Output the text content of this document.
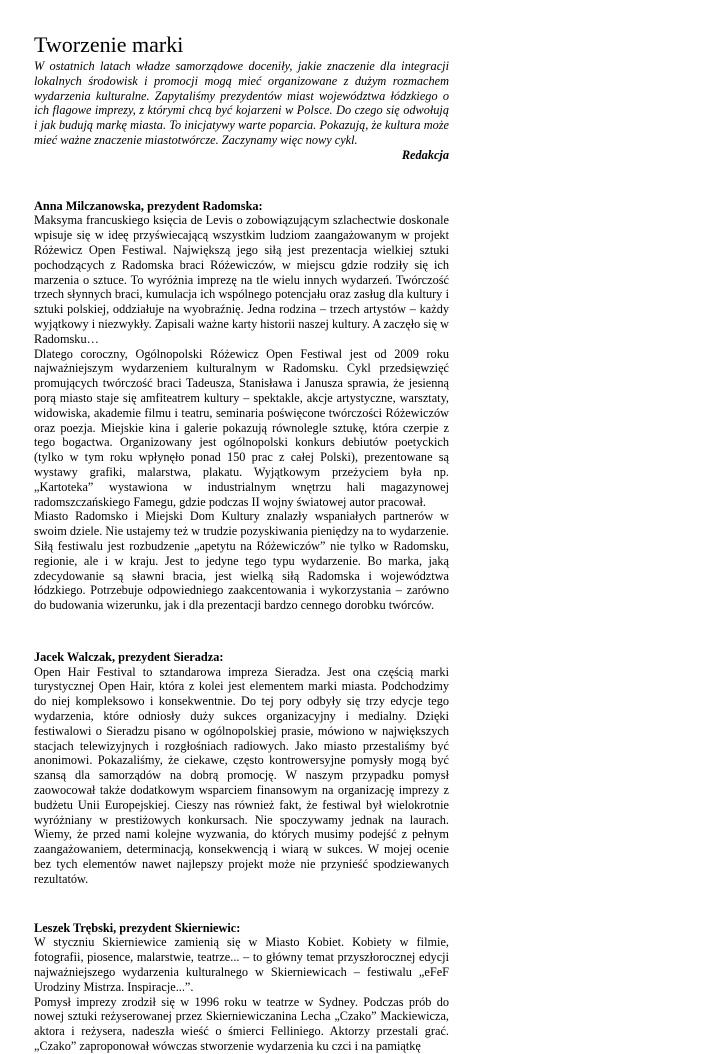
Tworzenie marki

W ostatnich latach władze samorządowe doceniły, jakie znaczenie dla integracji lokalnych środowisk i promocji mogą mieć organizowane z dużym rozmachem wydarzenia kulturalne. Zapytaliśmy prezydentów miast województwa łódzkiego o ich flagowe imprezy, z którymi chcą być kojarzeni w Polsce. Do czego się odwołują i jak budują markę miasta. To inicjatywy warte poparcia. Pokazują, że kultura może mieć ważne znaczenie miastotwórcze. Zaczynamy więc nowy cykl.

Redakcja

Anna Milczanowska, prezydent Radomska:

Maksyma francuskiego księcia de Levis o zobowiązującym szlachectwie doskonale wpisuje się w ideę przyświecającą wszystkim ludziom zaangażowanym w projekt Różewicz Open Festiwal. Największą jego siłą jest prezentacja wielkiej sztuki pochodzących z Radomska braci Różewiczów, w miejscu gdzie rodziły się ich marzenia o sztuce. To wyróżnia imprezę na tle wielu innych wydarzeń. Twórczość trzech słynnych braci, kumulacja ich wspólnego potencjału oraz zasług dla kultury i sztuki polskiej, oddziałuje na wyobraźnię. Jedna rodzina – trzech artystów – każdy wyjątkowy i niezwykły. Zapisali ważne karty historii naszej kultury. A zaczęło się w Radomsku…

Dlatego coroczny, Ogólnopolski Różewicz Open Festiwal jest od 2009 roku najważniejszym wydarzeniem kulturalnym w Radomsku. Cykl przedsięwzięć promujących twórczość braci Tadeusza, Stanisława i Janusza sprawia, że jesienną porą miasto staje się amfiteatrem kultury – spektakle, akcje artystyczne, warsztaty, widowiska, akademie filmu i teatru, seminaria poświęcone twórczości Różewiczów oraz poezja. Miejskie kina i galerie pokazują równolegle sztukę, która czerpie z tego bogactwa. Organizowany jest ogólnopolski konkurs debiutów poetyckich (tylko w tym roku wpłynęło ponad 150 prac z całej Polski), prezentowane są wystawy grafiki, malarstwa, plakatu. Wyjątkowym przeżyciem była np. „Kartoteka” wystawiona w industrialnym wnętrzu hali magazynowej radomszczańskiego Famegu, gdzie podczas II wojny światowej autor pracował.

Miasto Radomsko i Miejski Dom Kultury znalazły wspaniałych partnerów w swoim dziele. Nie ustajemy też w trudzie pozyskiwania pieniędzy na to wydarzenie. Siłą festiwalu jest rozbudzenie „apetytu na Różewiczów” nie tylko w Radomsku, regionie, ale i w kraju. Jest to jedyne tego typu wydarzenie. Bo marka, jaką zdecydowanie są sławni bracia, jest wielką siłą Radomska i województwa łódzkiego. Potrzebuje odpowiedniego zaakcentowania i wykorzystania – zarówno do budowania wizerunku, jak i dla prezentacji bardzo cennego dorobku twórców.

Jacek Walczak, prezydent Sieradza:

Open Hair Festival to sztandarowa impreza Sieradza. Jest ona częścią marki turystycznej Open Hair, która z kolei jest elementem marki miasta. Podchodzimy do niej kompleksowo i konsekwentnie. Do tej pory odbyły się trzy edycje tego wydarzenia, które odniosły duży sukces organizacyjny i medialny. Dzięki festiwalowi o Sieradzu pisano w ogólnopolskiej prasie, mówiono w największych stacjach telewizyjnych i rozgłośniach radiowych. Jako miasto przestaliśmy być anonimowi. Pokazaliśmy, że ciekawe, często kontrowersyjne pomysły mogą być szansą dla samorządów na dobrą promocję. W naszym przypadku pomysł zaowocował także dodatkowym wsparciem finansowym na organizację imprezy z budżetu Unii Europejskiej. Cieszy nas również fakt, że festiwal był wielokrotnie wyróżniany w prestiżowych konkursach. Nie spoczywamy jednak na laurach. Wiemy, że przed nami kolejne wyzwania, do których musimy podejść z pełnym zaangażowaniem, determinacją, konsekwencją i wiarą w sukces. W mojej ocenie bez tych elementów nawet najlepszy projekt może nie przynieść spodziewanych rezultatów.

Leszek Trębski, prezydent Skierniewic:

W styczniu Skierniewice zamienią się w Miasto Kobiet. Kobiety w filmie, fotografii, piosence, malarstwie, teatrze... – to główny temat przyszłorocznej edycji najważniejszego wydarzenia kulturalnego w Skierniewicach – festiwalu „eFeF Urodziny Mistrza. Inspiracje...”.

Pomysł imprezy zrodził się w 1996 roku w teatrze w Sydney. Podczas prób do nowej sztuki reżyserowanej przez Skierniewiczanina Lecha „Czako” Mackiewicza, aktora i reżysera, nadeszła wieść o śmierci Felliniego. Aktorzy przestali grać. „Czako” zaproponował wówczas stworzenie wydarzenia ku czci i na pamiątkę
